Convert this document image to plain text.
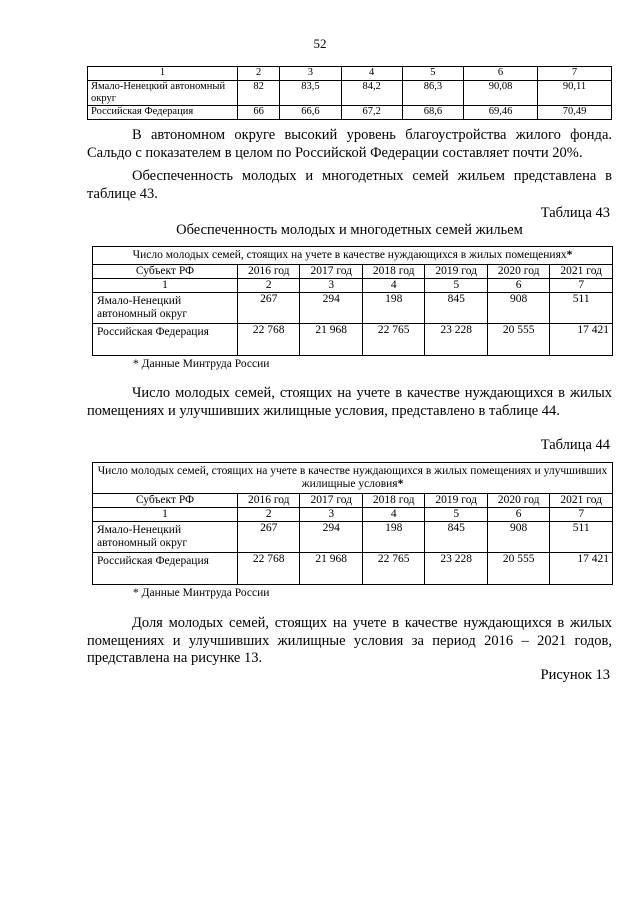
52
1	2	3	4	5	6	7
Ямало-Ненецкий автономный округ	82	83,5	84,2	86,3	90,08	90,11
Российская Федерация	66	66,6	67,2	68,6	69,46	70,49

В автономном округе высокий уровень благоустройства жилого фонда. Сальдо с показателем в целом по Российской Федерации составляет почти 20%.

Обеспеченность молодых и многодетных семей жильем представлена в таблице 43.

Таблица 43
Обеспеченность молодых и многодетных семей жильем
Число молодых семей, стоящих на учете в качестве нуждающихся в жилых помещениях*						
Субъект РФ	2016 год	2017 год	2018 год	2019 год	2020 год	2021 год
1	2	3	4	5	6	7
Ямало-Ненецкий автономный округ	267	294	198	845	908	511
Российская Федерация	22 768	21 968	22 765	23 228	20 555	17 421
* Данные Минтруда России

Число молодых семей, стоящих на учете в качестве нуждающихся в жилых помещениях и улучшивших жилищные условия, представлено в таблице 44.

Таблица 44
Число молодых семей, стоящих на учете в качестве нуждающихся в жилых помещениях и улучшивших жилищные условия*						
Субъект РФ	2016 год	2017 год	2018 год	2019 год	2020 год	2021 год
1	2	3	4	5	6	7
Ямало-Ненецкий автономный округ	267	294	198	845	908	511
Российская Федерация	22 768	21 968	22 765	23 228	20 555	17 421
* Данные Минтруда России

Доля молодых семей, стоящих на учете в качестве нуждающихся в жилых помещениях и улучшивших жилищные условия за период 2016 – 2021 годов, представлена на рисунке 13.

Рисунок 13
